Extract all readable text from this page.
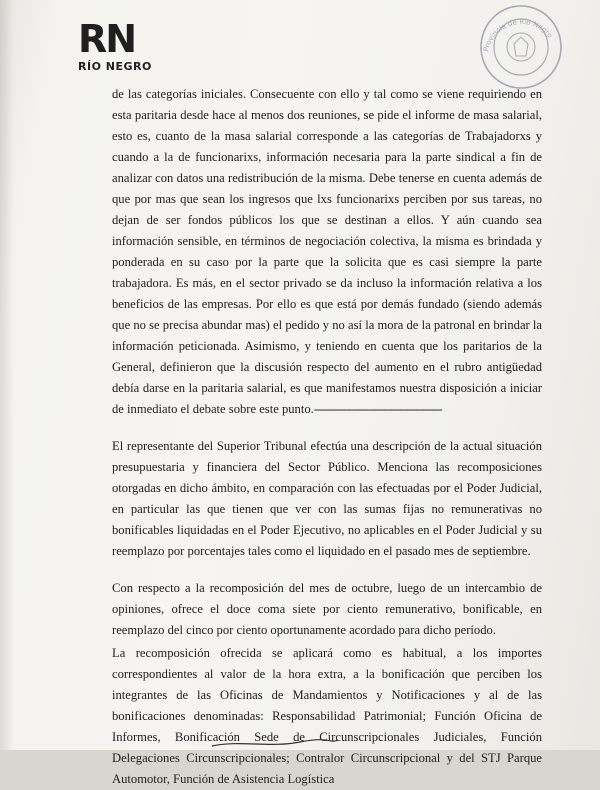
RN
RÍO NEGRO
Provincia de Río Negro

de las categorías iniciales. Consecuente con ello y tal como se viene requiriendo en esta paritaria desde hace al menos dos reuniones, se pide el informe de masa salarial, esto es, cuanto de la masa salarial corresponde a las categorías de Trabajadorxs y cuando a la de funcionarixs, información necesaria para la parte sindical a fin de analizar con datos una redistribución de la misma. Debe tenerse en cuenta además de que por mas que sean los ingresos que lxs funcionarixs perciben por sus tareas, no dejan de ser fondos públicos los que se destinan a ellos. Y aún cuando sea información sensible, en términos de negociación colectiva, la misma es brindada y ponderada en su caso por la parte que la solicita que es casi siempre la parte trabajadora. Es más, en el sector privado se da incluso la información relativa a los beneficios de las empresas. Por ello es que está por demás fundado (siendo además que no se precisa abundar mas) el pedido y no así la mora de la patronal en brindar la información peticionada. Asimismo, y teniendo en cuenta que los paritarios de la General, definieron que la discusión respecto del aumento en el rubro antigüedad debía darse en la paritaria salarial, es que manifestamos nuestra disposición a iniciar de inmediato el debate sobre este punto.----------------------------------------

El representante del Superior Tribunal efectúa una descripción de la actual situación presupuestaria y financiera del Sector Público. Menciona las recomposiciones otorgadas en dicho ámbito, en comparación con las efectuadas por el Poder Judicial, en particular las que tienen que ver con las sumas fijas no remunerativas no bonificables liquidadas en el Poder Ejecutivo, no aplicables en el Poder Judicial y su reemplazo por porcentajes tales como el liquidado en el pasado mes de septiembre.

Con respecto a la recomposición del mes de octubre, luego de un intercambio de opiniones, ofrece el doce coma siete por ciento remunerativo, bonificable, en reemplazo del cinco por ciento oportunamente acordado para dicho período.

La recomposición ofrecida se aplicará como es habitual, a los importes correspondientes al valor de la hora extra, a la bonificación que perciben los integrantes de las Oficinas de Mandamientos y Notificaciones y al de las bonificaciones denominadas: Responsabilidad Patrimonial; Función Oficina de Informes, Bonificación Sede de Circunscripcionales Judiciales, Función Delegaciones Circunscripcionales; Contralor Circunscripcional y del STJ Parque Automotor, Función de Asistencia Logística
